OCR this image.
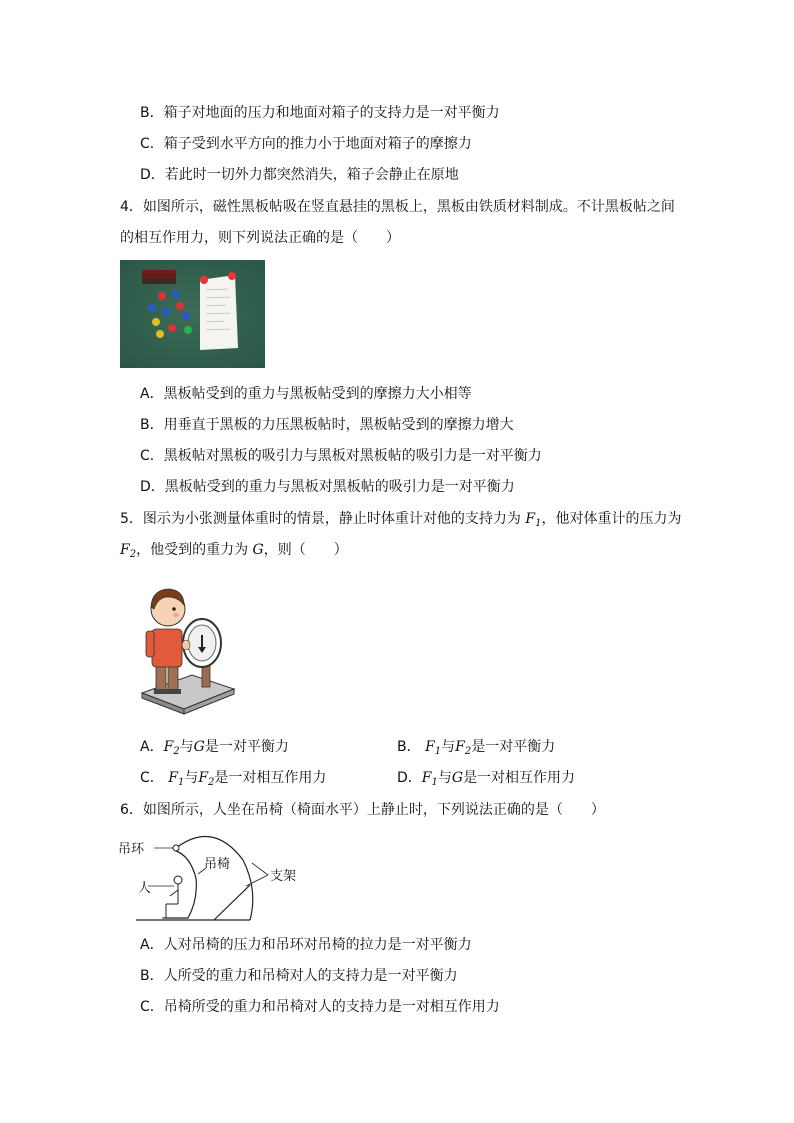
B．箱子对地面的压力和地面对箱子的支持力是一对平衡力
C．箱子受到水平方向的推力小于地面对箱子的摩擦力
D．若此时一切外力都突然消失，箱子会静止在原地
4．如图所示，磁性黑板帖吸在竖直悬挂的黑板上，黑板由铁质材料制成。不计黑板帖之间
的相互作用力，则下列说法正确的是（　　）
A．黑板帖受到的重力与黑板帖受到的摩擦力大小相等
B．用垂直于黑板的力压黑板帖时，黑板帖受到的摩擦力增大
C．黑板帖对黑板的吸引力与黑板对黑板帖的吸引力是一对平衡力
D．黑板帖受到的重力与黑板对黑板帖的吸引力是一对平衡力
5．图示为小张测量体重时的情景，静止时体重计对他的支持力为 $F_1$，他对体重计的压力为
$F_2$，他受到的重力为 G，则（　　）
A．$F_2$与G是一对平衡力	B． $F_1$与$F_2$是一对平衡力
C． $F_1$与$F_2$是一对相互作用力	D．$F_1$与G是一对相互作用力
6．如图所示，人坐在吊椅（椅面水平）上静止时，下列说法正确的是（　　）
吊环
吊椅
人
支架
A．人对吊椅的压力和吊环对吊椅的拉力是一对平衡力
B．人所受的重力和吊椅对人的支持力是一对平衡力
C．吊椅所受的重力和吊椅对人的支持力是一对相互作用力
